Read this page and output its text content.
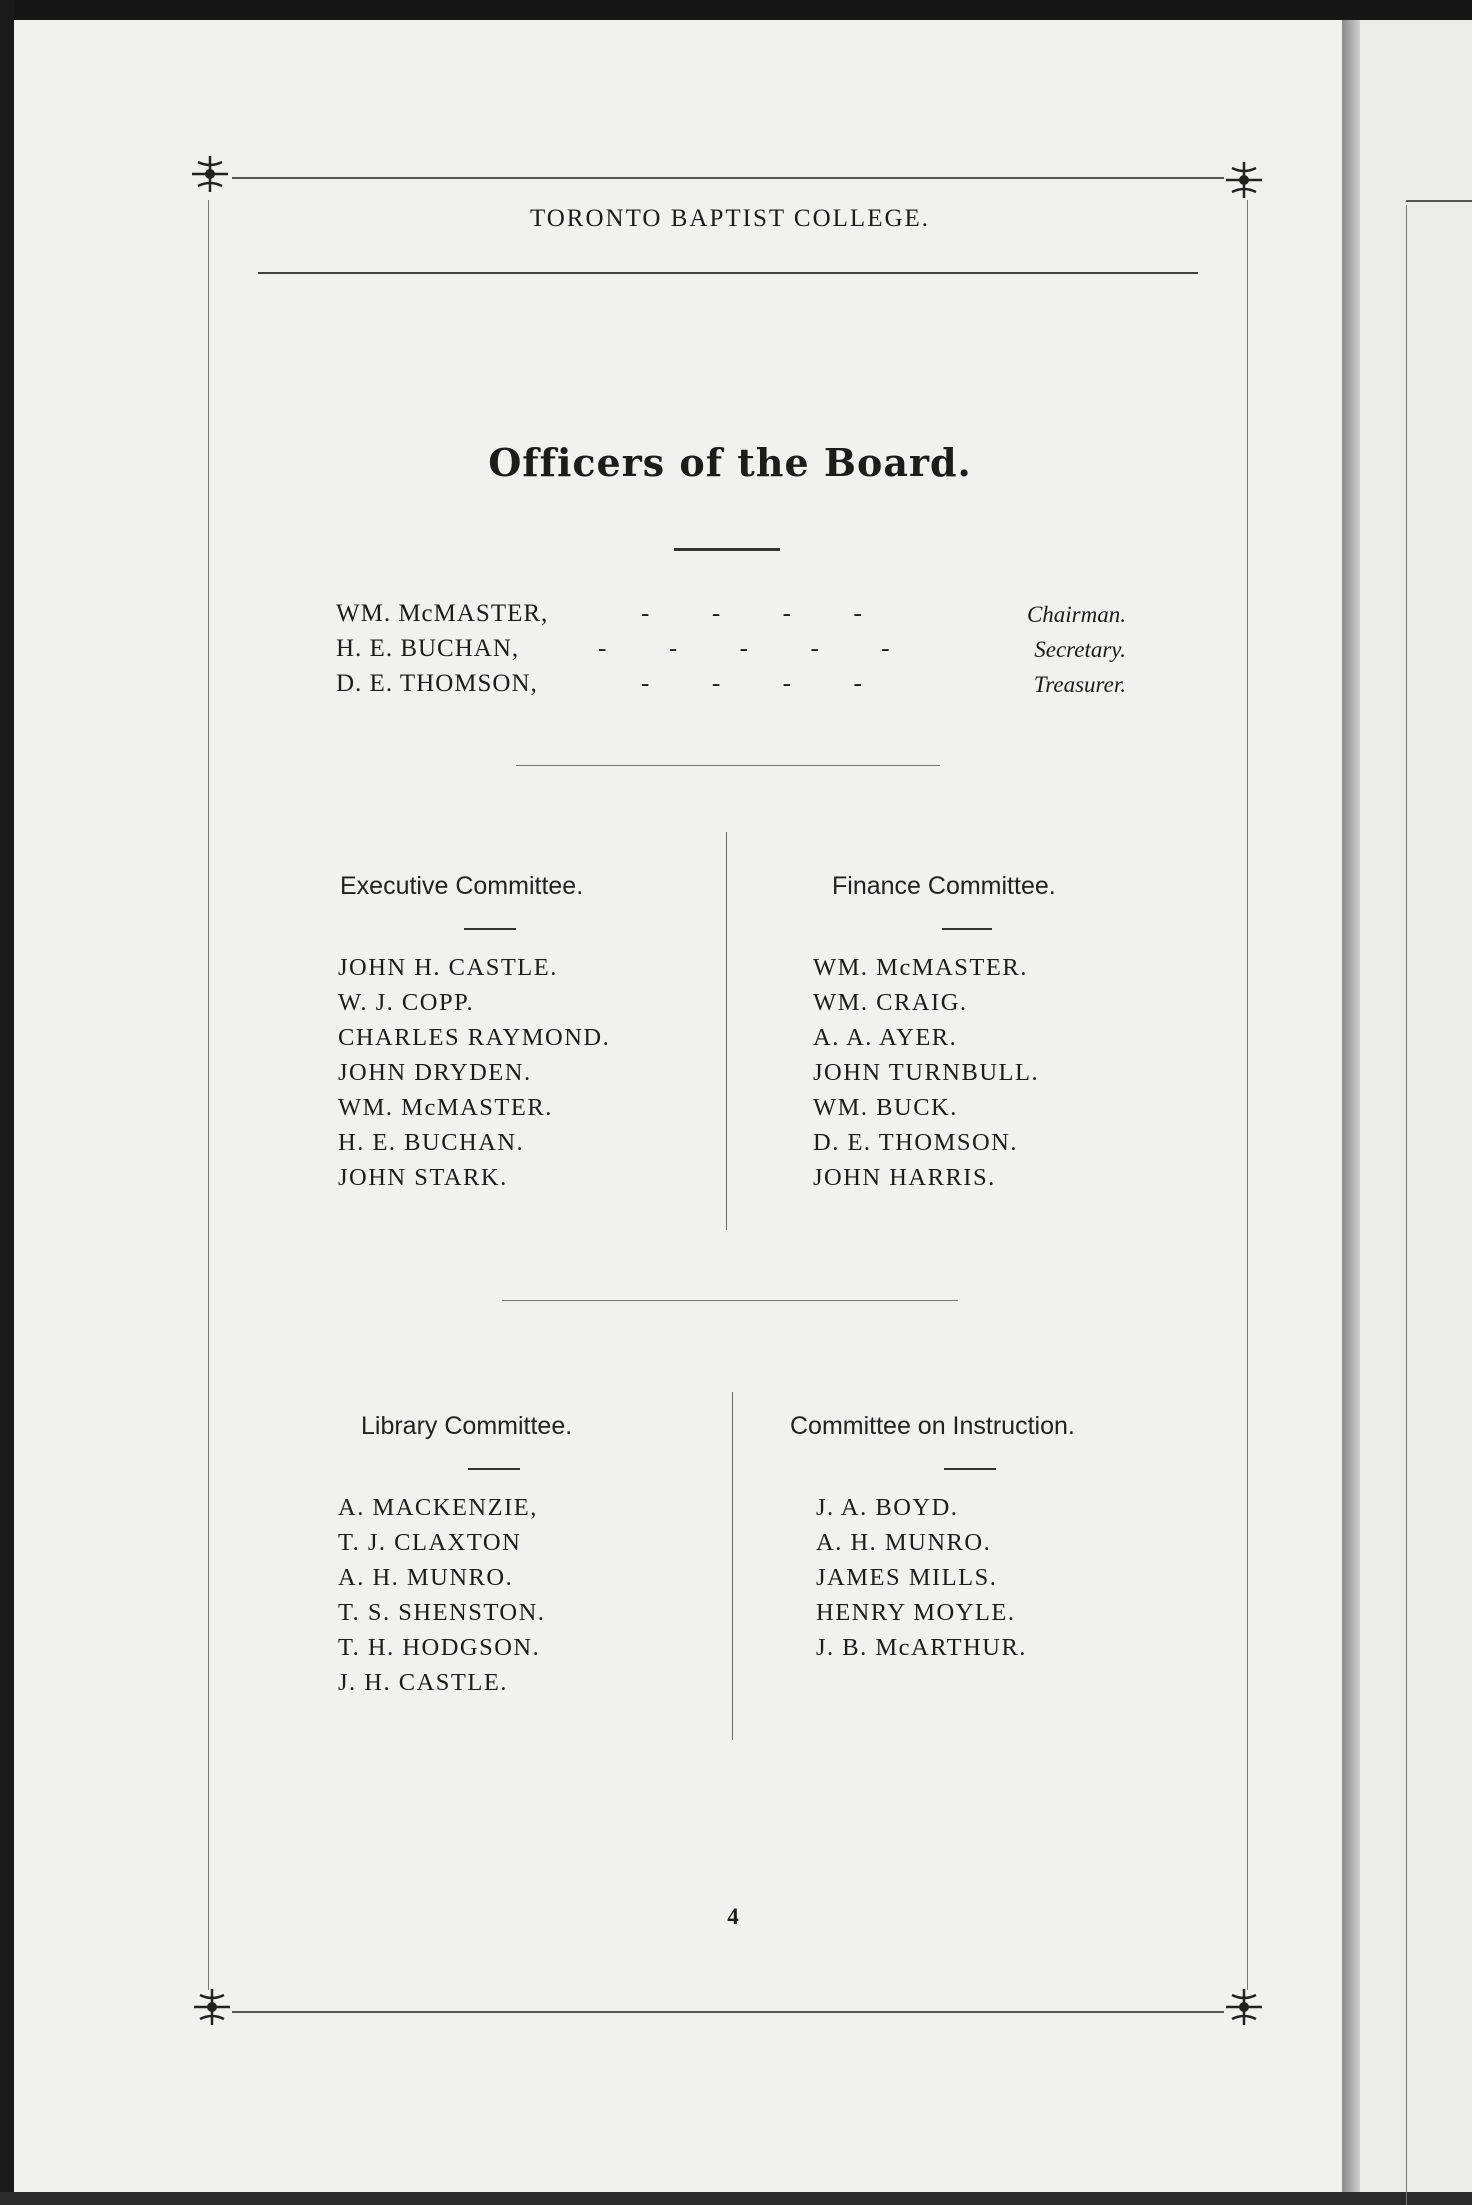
TORONTO BAPTIST COLLEGE.
Officers of the Board.
WM. McMASTER,	-          -          -          -	Chairman.
H. E. BUCHAN,	-          -          -          -          -	Secretary.
D. E. THOMSON,	-          -          -          -	Treasurer.
Executive Committee.
JOHN H. CASTLE.
W. J. COPP.
CHARLES RAYMOND.
JOHN DRYDEN.
WM. McMASTER.
H. E. BUCHAN.
JOHN STARK.
Finance Committee.
WM. McMASTER.
WM. CRAIG.
A. A. AYER.
JOHN TURNBULL.
WM. BUCK.
D. E. THOMSON.
JOHN HARRIS.
Library Committee.
A. MACKENZIE,
T. J. CLAXTON
A. H. MUNRO.
T. S. SHENSTON.
T. H. HODGSON.
J. H. CASTLE.
Committee on Instruction.
J. A. BOYD.
A. H. MUNRO.
JAMES MILLS.
HENRY MOYLE.
J. B. McARTHUR.
4
